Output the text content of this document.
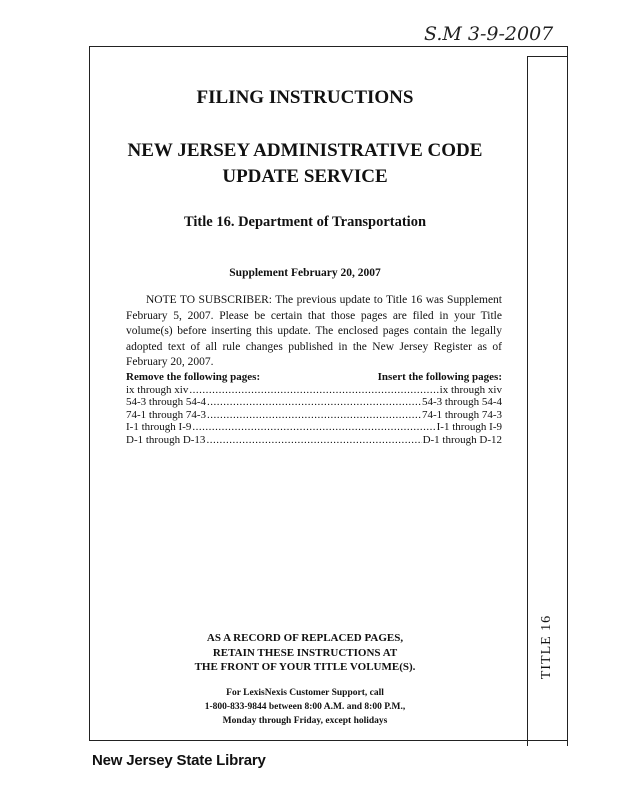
S.M 3-9-2007
TITLE 16
FILING INSTRUCTIONS
NEW JERSEY ADMINISTRATIVE CODE
UPDATE SERVICE
Title 16. Department of Transportation
Supplement February 20, 2007
NOTE TO SUBSCRIBER: The previous update to Title 16 was Supplement February 5, 2007. Please be certain that those pages are filed in your Title volume(s) before inserting this update. The enclosed pages contain the legally adopted text of all rule changes published in the New Jersey Register as of February 20, 2007.
Remove the following pages:	Insert the following pages:
ix through xiv .....	ix through xiv
54-3 through 54-4 .....	54-3 through 54-4
74-1 through 74-3 .....	74-1 through 74-3
I-1 through I-9 .....	I-1 through I-9
D-1 through D-13 .....	D-1 through D-12
AS A RECORD OF REPLACED PAGES,
RETAIN THESE INSTRUCTIONS AT
THE FRONT OF YOUR TITLE VOLUME(S).
For LexisNexis Customer Support, call
1-800-833-9844 between 8:00 A.M. and 8:00 P.M.,
Monday through Friday, except holidays
New Jersey State Library
